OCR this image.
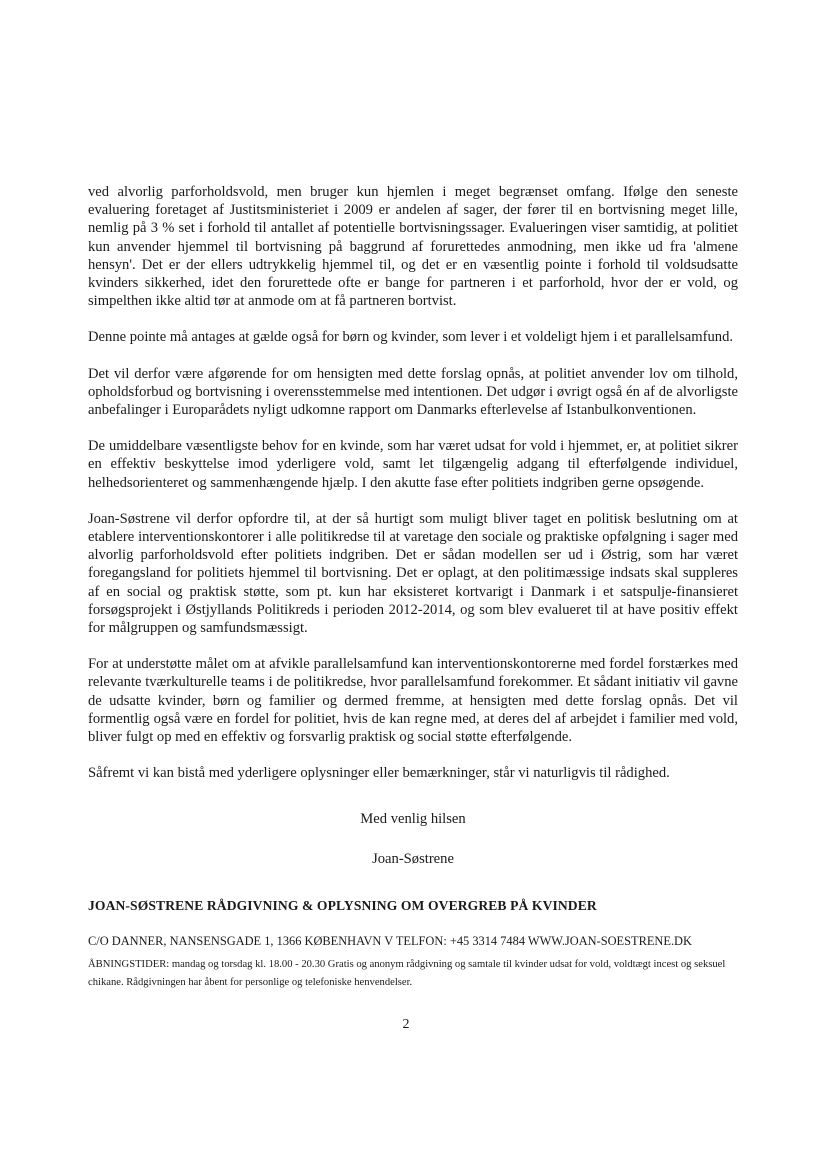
ved alvorlig parforholdsvold, men bruger kun hjemlen i meget begrænset omfang. Ifølge den seneste evaluering foretaget af Justitsministeriet i 2009 er andelen af sager, der fører til en bortvisning meget lille, nemlig på 3 % set i forhold til antallet af potentielle bortvisningssager. Evalueringen viser samtidig, at politiet kun anvender hjemmel til bortvisning på baggrund af forurettedes anmodning, men ikke ud fra 'almene hensyn'. Det er der ellers udtrykkelig hjemmel til, og det er en væsentlig pointe i forhold til voldsudsatte kvinders sikkerhed, idet den forurettede ofte er bange for partneren i et parforhold, hvor der er vold, og simpelthen ikke altid tør at anmode om at få partneren bortvist.

Denne pointe må antages at gælde også for børn og kvinder, som lever i et voldeligt hjem i et parallelsamfund.

Det vil derfor være afgørende for om hensigten med dette forslag opnås, at politiet anvender lov om tilhold, opholdsforbud og bortvisning i overensstemmelse med intentionen. Det udgør i øvrigt også én af de alvorligste anbefalinger i Europarådets nyligt udkomne rapport om Danmarks efterlevelse af Istanbulkonventionen.

De umiddelbare væsentligste behov for en kvinde, som har været udsat for vold i hjemmet, er, at politiet sikrer en effektiv beskyttelse imod yderligere vold, samt let tilgængelig adgang til efterfølgende individuel, helhedsorienteret og sammenhængende hjælp. I den akutte fase efter politiets indgriben gerne opsøgende.

Joan-Søstrene vil derfor opfordre til, at der så hurtigt som muligt bliver taget en politisk beslutning om at etablere interventionskontorer i alle politikredse til at varetage den sociale og praktiske opfølgning i sager med alvorlig parforholdsvold efter politiets indgriben. Det er sådan modellen ser ud i Østrig, som har været foregangsland for politiets hjemmel til bortvisning. Det er oplagt, at den politimæssige indsats skal suppleres af en social og praktisk støtte, som pt. kun har eksisteret kortvarigt i Danmark i et satspulje-finansieret forsøgsprojekt i Østjyllands Politikreds i perioden 2012-2014, og som blev evalueret til at have positiv effekt for målgruppen og samfundsmæssigt.

For at understøtte målet om at afvikle parallelsamfund kan interventionskontorerne med fordel forstærkes med relevante tværkulturelle teams i de politikredse, hvor parallelsamfund forekommer. Et sådant initiativ vil gavne de udsatte kvinder, børn og familier og dermed fremme, at hensigten med dette forslag opnås. Det vil formentlig også være en fordel for politiet, hvis de kan regne med, at deres del af arbejdet i familier med vold, bliver fulgt op med en effektiv og forsvarlig praktisk og social støtte efterfølgende.

Såfremt vi kan bistå med yderligere oplysninger eller bemærkninger, står vi naturligvis til rådighed.

Med venlig hilsen

Joan-Søstrene

JOAN-SØSTRENE RÅDGIVNING & OPLYSNING OM OVERGREB PÅ KVINDER

C/O DANNER, NANSENSGADE 1, 1366 KØBENHAVN V TELFON: +45 3314 7484 WWW.JOAN-SOESTRENE.DK

ÅBNINGSTIDER: mandag og torsdag kl. 18.00 - 20.30 Gratis og anonym rådgivning og samtale til kvinder udsat for vold, voldtægt incest og seksuel chikane. Rådgivningen har åbent for personlige og telefoniske henvendelser.

2
